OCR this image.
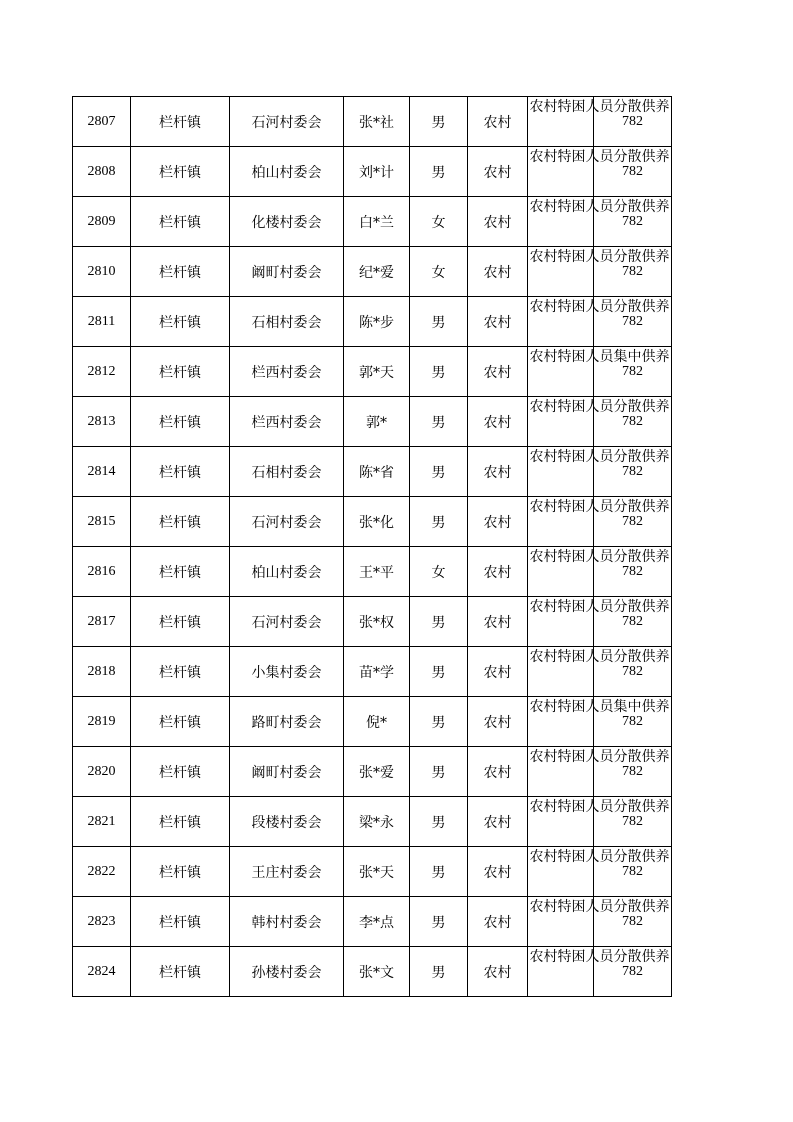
2807	栏杆镇	石河村委会	张*社	男	农村	农村特困人员分散供养	782
2808	栏杆镇	柏山村委会	刘*计	男	农村	农村特困人员分散供养	782
2809	栏杆镇	化楼村委会	白*兰	女	农村	农村特困人员分散供养	782
2810	栏杆镇	阚町村委会	纪*爱	女	农村	农村特困人员分散供养	782
2811	栏杆镇	石相村委会	陈*步	男	农村	农村特困人员分散供养	782
2812	栏杆镇	栏西村委会	郭*天	男	农村	农村特困人员集中供养	782
2813	栏杆镇	栏西村委会	郭*	男	农村	农村特困人员分散供养	782
2814	栏杆镇	石相村委会	陈*省	男	农村	农村特困人员分散供养	782
2815	栏杆镇	石河村委会	张*化	男	农村	农村特困人员分散供养	782
2816	栏杆镇	柏山村委会	王*平	女	农村	农村特困人员分散供养	782
2817	栏杆镇	石河村委会	张*权	男	农村	农村特困人员分散供养	782
2818	栏杆镇	小集村委会	苗*学	男	农村	农村特困人员分散供养	782
2819	栏杆镇	路町村委会	倪*	男	农村	农村特困人员集中供养	782
2820	栏杆镇	阚町村委会	张*爱	男	农村	农村特困人员分散供养	782
2821	栏杆镇	段楼村委会	梁*永	男	农村	农村特困人员分散供养	782
2822	栏杆镇	王庄村委会	张*天	男	农村	农村特困人员分散供养	782
2823	栏杆镇	韩村村委会	李*点	男	农村	农村特困人员分散供养	782
2824	栏杆镇	孙楼村委会	张*文	男	农村	农村特困人员分散供养	782
